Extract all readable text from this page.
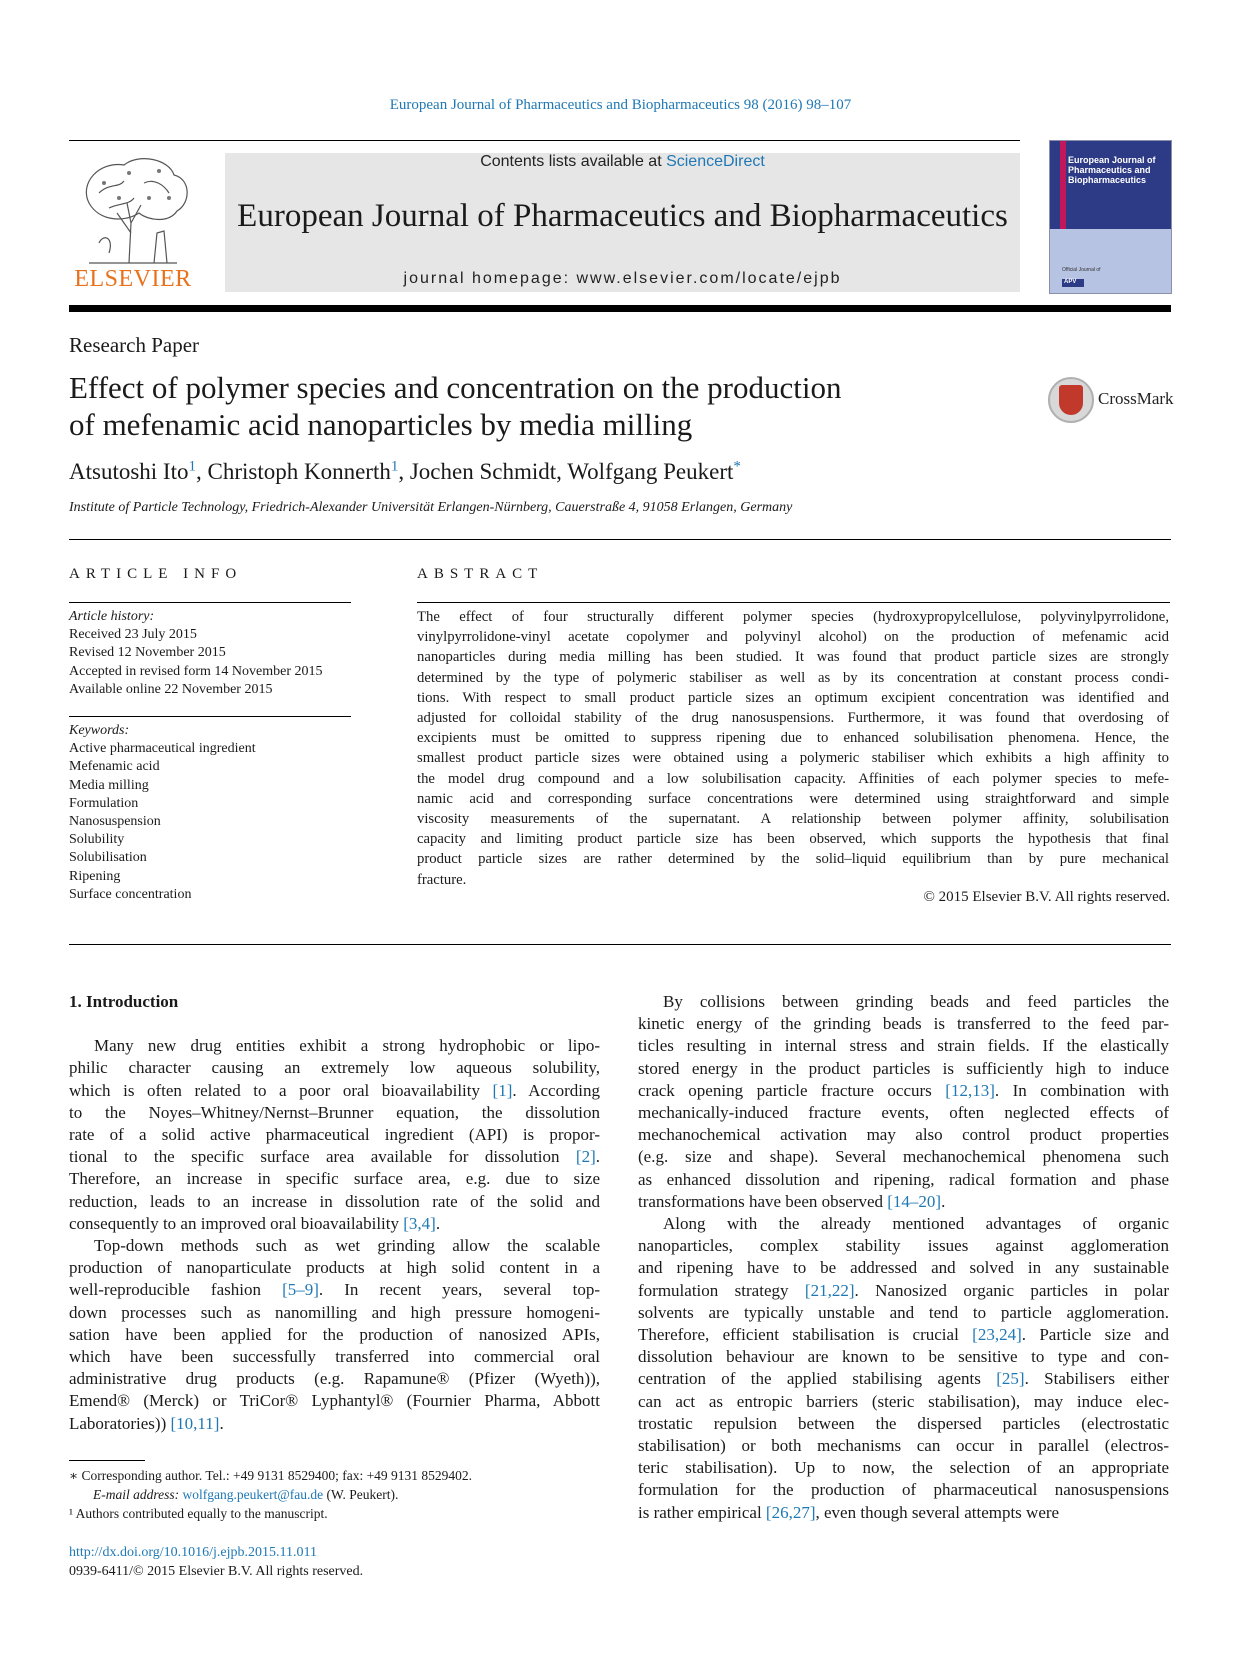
European Journal of Pharmaceutics and Biopharmaceutics 98 (2016) 98–107
ELSEVIER
Contents lists available at ScienceDirect
European Journal of Pharmaceutics and Biopharmaceutics
journal homepage: www.elsevier.com/locate/ejpb
European Journal of Pharmaceutics and Biopharmaceutics
Official Journal of
APV
Research Paper
Effect of polymer species and concentration on the production
of mefenamic acid nanoparticles by media milling
CrossMark
Atsutoshi Ito$^1$, Christoph Konnerth$^1$, Jochen Schmidt, Wolfgang Peukert*
Institute of Particle Technology, Friedrich-Alexander Universität Erlangen-Nürnberg, Cauerstraße 4, 91058 Erlangen, Germany
ARTICLE INFO
Article history:
Received 23 July 2015
Revised 12 November 2015
Accepted in revised form 14 November 2015
Available online 22 November 2015
Keywords:
Active pharmaceutical ingredient
Mefenamic acid
Media milling
Formulation
Nanosuspension
Solubility
Solubilisation
Ripening
Surface concentration
ABSTRACT
The effect of four structurally different polymer species (hydroxypropylcellulose, polyvinylpyrrolidone,
vinylpyrrolidone-vinyl acetate copolymer and polyvinyl alcohol) on the production of mefenamic acid
nanoparticles during media milling has been studied. It was found that product particle sizes are strongly
determined by the type of polymeric stabiliser as well as by its concentration at constant process condi-
tions. With respect to small product particle sizes an optimum excipient concentration was identified and
adjusted for colloidal stability of the drug nanosuspensions. Furthermore, it was found that overdosing of
excipients must be omitted to suppress ripening due to enhanced solubilisation phenomena. Hence, the
smallest product particle sizes were obtained using a polymeric stabiliser which exhibits a high affinity to
the model drug compound and a low solubilisation capacity. Affinities of each polymer species to mefe-
namic acid and corresponding surface concentrations were determined using straightforward and simple
viscosity measurements of the supernatant. A relationship between polymer affinity, solubilisation
capacity and limiting product particle size has been observed, which supports the hypothesis that final
product particle sizes are rather determined by the solid–liquid equilibrium than by pure mechanical
fracture.
© 2015 Elsevier B.V. All rights reserved.
1. Introduction
Many new drug entities exhibit a strong hydrophobic or lipo-
philic character causing an extremely low aqueous solubility,
which is often related to a poor oral bioavailability [1]. According
to the Noyes–Whitney/Nernst–Brunner equation, the dissolution
rate of a solid active pharmaceutical ingredient (API) is propor-
tional to the specific surface area available for dissolution [2].
Therefore, an increase in specific surface area, e.g. due to size
reduction, leads to an increase in dissolution rate of the solid and
consequently to an improved oral bioavailability [3,4].
Top-down methods such as wet grinding allow the scalable
production of nanoparticulate products at high solid content in a
well-reproducible fashion [5–9]. In recent years, several top-
down processes such as nanomilling and high pressure homogeni-
sation have been applied for the production of nanosized APIs,
which have been successfully transferred into commercial oral
administrative drug products (e.g. Rapamune® (Pfizer (Wyeth)),
Emend® (Merck) or TriCor® Lyphantyl® (Fournier Pharma, Abbott
Laboratories)) [10,11].
By collisions between grinding beads and feed particles the
kinetic energy of the grinding beads is transferred to the feed par-
ticles resulting in internal stress and strain fields. If the elastically
stored energy in the product particles is sufficiently high to induce
crack opening particle fracture occurs [12,13]. In combination with
mechanically-induced fracture events, often neglected effects of
mechanochemical activation may also control product properties
(e.g. size and shape). Several mechanochemical phenomena such
as enhanced dissolution and ripening, radical formation and phase
transformations have been observed [14–20].
Along with the already mentioned advantages of organic
nanoparticles, complex stability issues against agglomeration
and ripening have to be addressed and solved in any sustainable
formulation strategy [21,22]. Nanosized organic particles in polar
solvents are typically unstable and tend to particle agglomeration.
Therefore, efficient stabilisation is crucial [23,24]. Particle size and
dissolution behaviour are known to be sensitive to type and con-
centration of the applied stabilising agents [25]. Stabilisers either
can act as entropic barriers (steric stabilisation), may induce elec-
trostatic repulsion between the dispersed particles (electrostatic
stabilisation) or both mechanisms can occur in parallel (electros-
teric stabilisation). Up to now, the selection of an appropriate
formulation for the production of pharmaceutical nanosuspensions
is rather empirical [26,27], even though several attempts were
∗ Corresponding author. Tel.: +49 9131 8529400; fax: +49 9131 8529402.
E-mail address: wolfgang.peukert@fau.de (W. Peukert).
¹ Authors contributed equally to the manuscript.
http://dx.doi.org/10.1016/j.ejpb.2015.11.011
0939-6411/© 2015 Elsevier B.V. All rights reserved.
